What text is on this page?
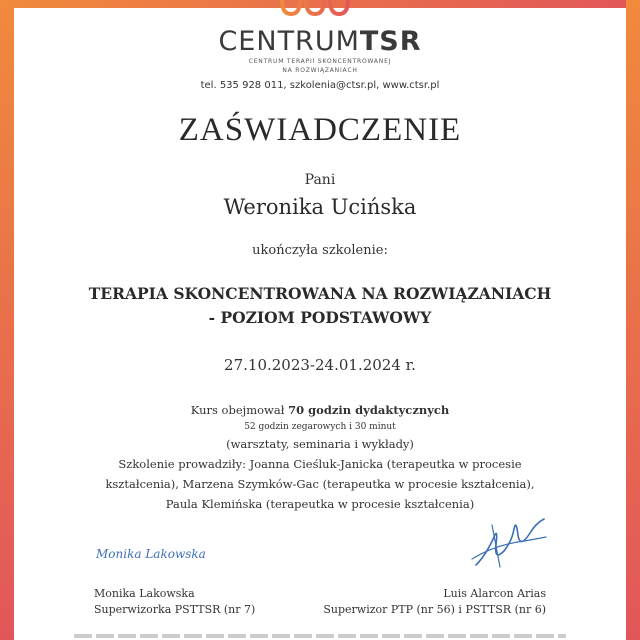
CENTRUMTSR
CENTRUM TERAPII SKONCENTROWANEJ
NA ROZWIĄZANIACH
tel. 535 928 011, szkolenia@ctsr.pl, www.ctsr.pl
ZAŚWIADCZENIE
Pani
Weronika Ucińska
ukończyła szkolenie:
TERAPIA SKONCENTROWANA NA ROZWIĄZANIACH
- POZIOM PODSTAWOWY
27.10.2023-24.01.2024 r.
Kurs obejmował 70 godzin dydaktycznych
52 godzin zegarowych i 30 minut
(warsztaty, seminaria i wykłady)
Szkolenie prowadziły: Joanna Cieśluk-Janicka (terapeutka w procesie
kształcenia), Marzena Szymków-Gac (terapeutka w procesie kształcenia),
Paula Klemińska (terapeutka w procesie kształcenia)
Monika Lakowska
Monika Lakowska
Superwizorka PSTTSR (nr 7)
Luis Alarcon Arias
Superwizor PTP (nr 56) i PSTTSR (nr 6)
